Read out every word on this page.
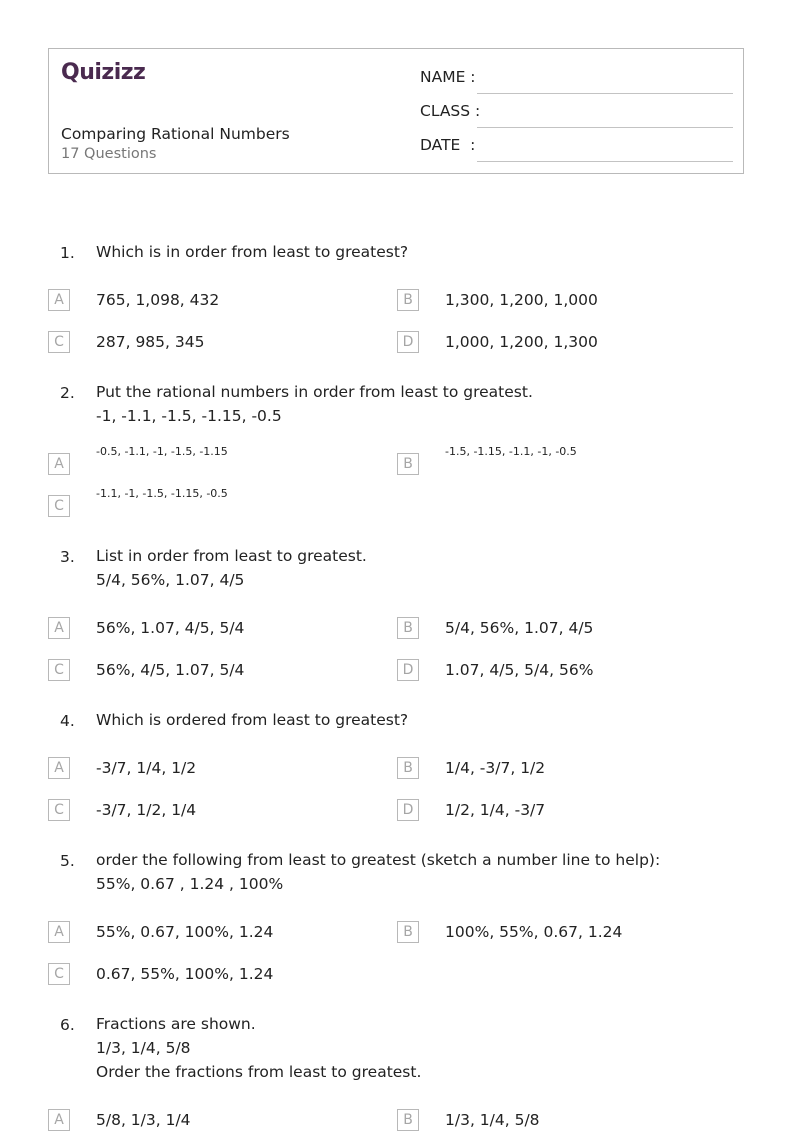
Quizizz
Comparing Rational Numbers
17 Questions
NAME :
CLASS :
DATE  :
1. Which is in order from least to greatest?
A	765, 1,098, 432	B	1,300, 1,200, 1,000
C	287, 985, 345	D	1,000, 1,200, 1,300
2. Put the rational numbers in order from least to greatest.
-1, -1.1, -1.5, -1.15, -0.5
A
-0.5, -1.1, -1, -1.5, -1.15
B
-1.5, -1.15, -1.1, -1, -0.5
C
-1.1, -1, -1.5, -1.15, -0.5
3. List in order from least to greatest.
5/4, 56%, 1.07, 4/5
A	56%, 1.07, 4/5, 5/4	B	5/4, 56%, 1.07, 4/5
C	56%, 4/5, 1.07, 5/4	D	1.07, 4/5, 5/4, 56%
4. Which is ordered from least to greatest?
A	-3/7, 1/4, 1/2	B	1/4, -3/7, 1/2
C	-3/7, 1/2, 1/4	D	1/2, 1/4, -3/7
5. order the following from least to greatest (sketch a number line to help):
55%, 0.67 , 1.24 , 100%
A	55%, 0.67, 100%, 1.24	B	100%, 55%, 0.67, 1.24
C	0.67, 55%, 100%, 1.24
6. Fractions are shown.
1/3, 1/4, 5/8
Order the fractions from least to greatest.
A	5/8, 1/3, 1/4	B	1/3, 1/4, 5/8
